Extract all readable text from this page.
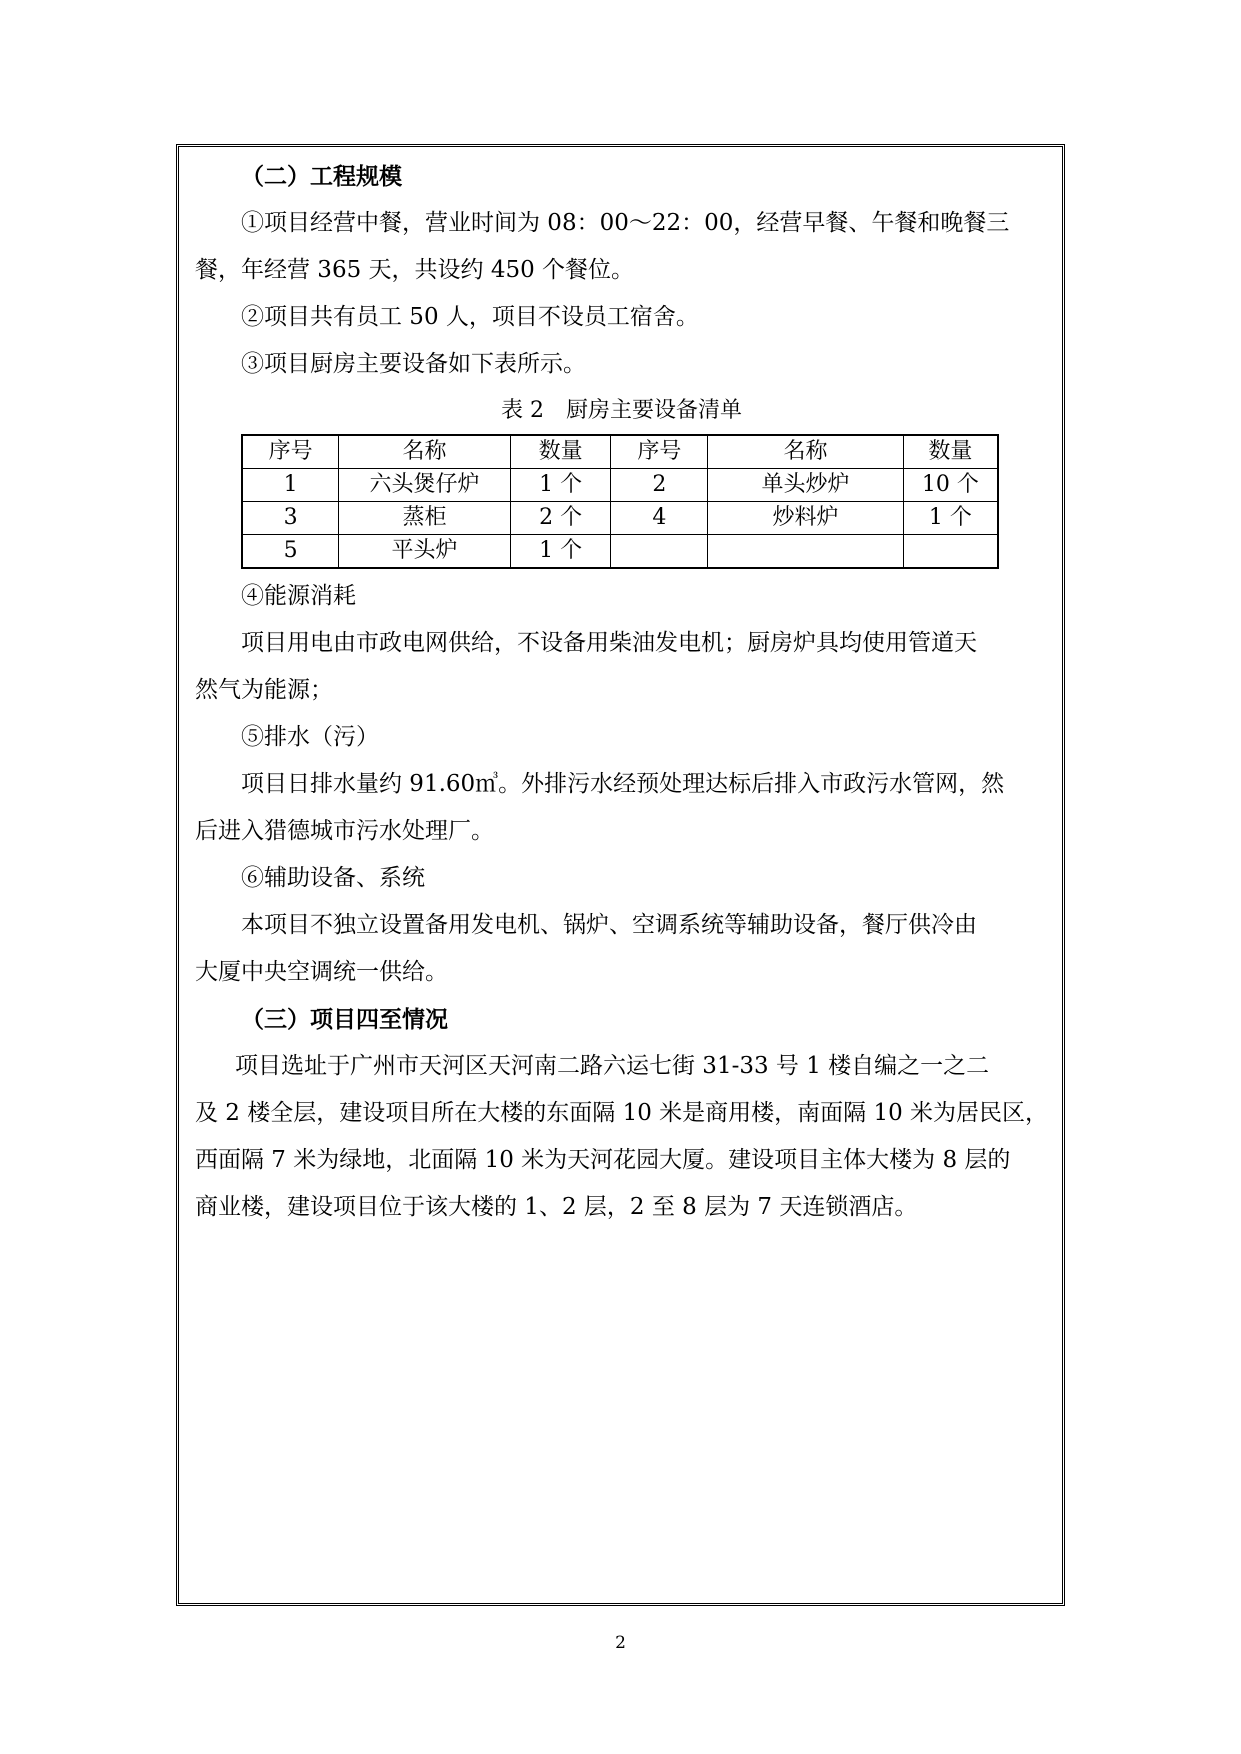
（二）工程规模
①项目经营中餐，营业时间为 08：00～22：00，经营早餐、午餐和晚餐三
餐，年经营 365 天，共设约 450 个餐位。
②项目共有员工 50 人，项目不设员工宿舍。
③项目厨房主要设备如下表所示。
表 2　厨房主要设备清单
序号	名称	数量	序号	名称	数量
1	六头煲仔炉	1 个	2	单头炒炉	10 个
3	蒸柜	2 个	4	炒料炉	1 个
5	平头炉	1 个			
④能源消耗
项目用电由市政电网供给，不设备用柴油发电机；厨房炉具均使用管道天
然气为能源；
⑤排水（污）
项目日排水量约 91.60㎥。外排污水经预处理达标后排入市政污水管网，然
后进入猎德城市污水处理厂。
⑥辅助设备、系统
本项目不独立设置备用发电机、锅炉、空调系统等辅助设备，餐厅供冷由
大厦中央空调统一供给。
（三）项目四至情况
项目选址于广州市天河区天河南二路六运七街 31-33 号 1 楼自编之一之二
及 2 楼全层，建设项目所在大楼的东面隔 10 米是商用楼，南面隔 10 米为居民区，
西面隔 7 米为绿地，北面隔 10 米为天河花园大厦。建设项目主体大楼为 8 层的
商业楼，建设项目位于该大楼的 1、2 层，2 至 8 层为 7 天连锁酒店。
2
